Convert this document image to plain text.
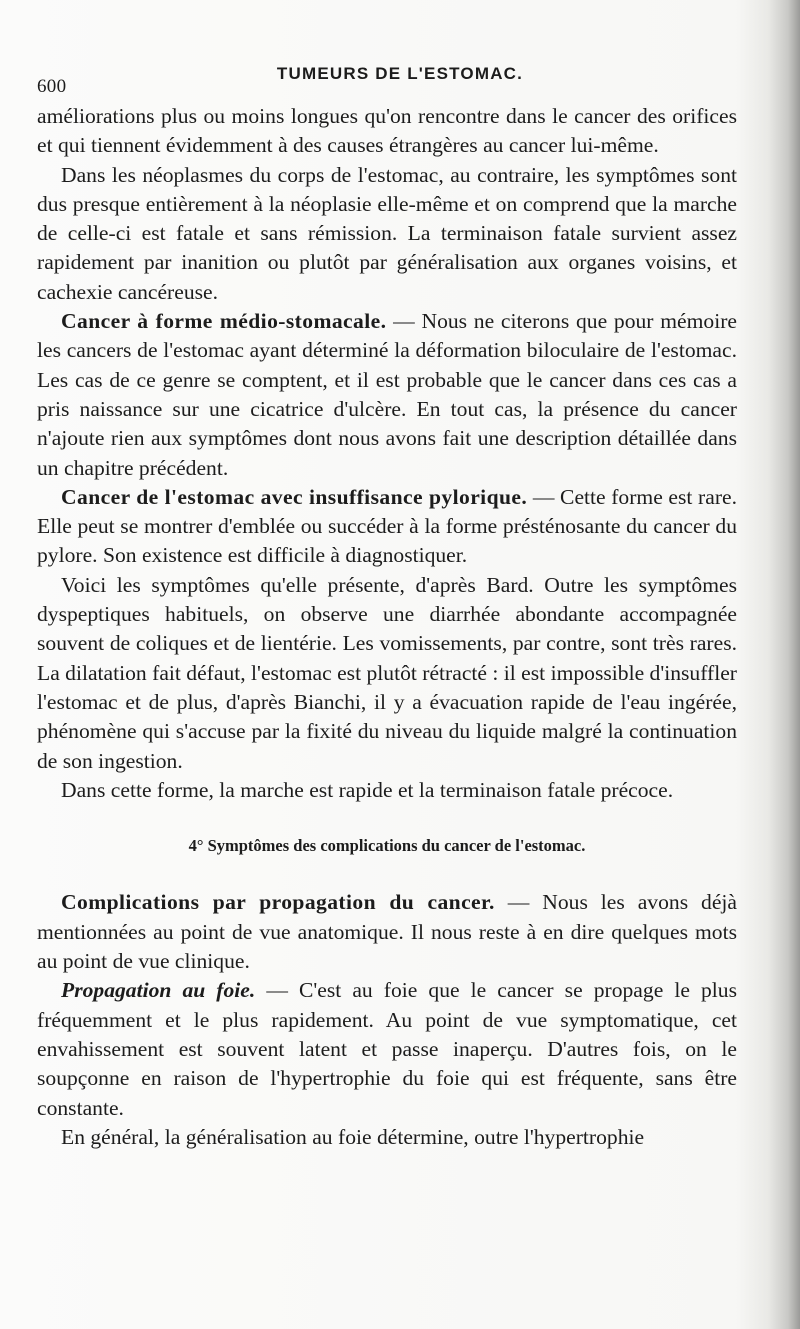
600
TUMEURS DE L'ESTOMAC.

améliorations plus ou moins longues qu'on rencontre dans le cancer des orifices et qui tiennent évidemment à des causes étrangères au cancer lui-même.

Dans les néoplasmes du corps de l'estomac, au contraire, les symptômes sont dus presque entièrement à la néoplasie elle-même et on comprend que la marche de celle-ci est fatale et sans rémission. La terminaison fatale survient assez rapidement par inanition ou plutôt par généralisation aux organes voisins, et cachexie cancéreuse.

Cancer à forme médio-stomacale. — Nous ne citerons que pour mémoire les cancers de l'estomac ayant déterminé la déformation biloculaire de l'estomac. Les cas de ce genre se comptent, et il est probable que le cancer dans ces cas a pris naissance sur une cicatrice d'ulcère. En tout cas, la présence du cancer n'ajoute rien aux symptômes dont nous avons fait une description détaillée dans un chapitre précédent.

Cancer de l'estomac avec insuffisance pylorique. — Cette forme est rare. Elle peut se montrer d'emblée ou succéder à la forme présténosante du cancer du pylore. Son existence est difficile à diagnostiquer.

Voici les symptômes qu'elle présente, d'après Bard. Outre les symptômes dyspeptiques habituels, on observe une diarrhée abondante accompagnée souvent de coliques et de lientérie. Les vomissements, par contre, sont très rares. La dilatation fait défaut, l'estomac est plutôt rétracté : il est impossible d'insuffler l'estomac et de plus, d'après Bianchi, il y a évacuation rapide de l'eau ingérée, phénomène qui s'accuse par la fixité du niveau du liquide malgré la continuation de son ingestion.

Dans cette forme, la marche est rapide et la terminaison fatale précoce.

4° Symptômes des complications du cancer de l'estomac.

Complications par propagation du cancer. — Nous les avons déjà mentionnées au point de vue anatomique. Il nous reste à en dire quelques mots au point de vue clinique.

Propagation au foie. — C'est au foie que le cancer se propage le plus fréquemment et le plus rapidement. Au point de vue symptomatique, cet envahissement est souvent latent et passe inaperçu. D'autres fois, on le soupçonne en raison de l'hypertrophie du foie qui est fréquente, sans être constante.

En général, la généralisation au foie détermine, outre l'hypertrophie
